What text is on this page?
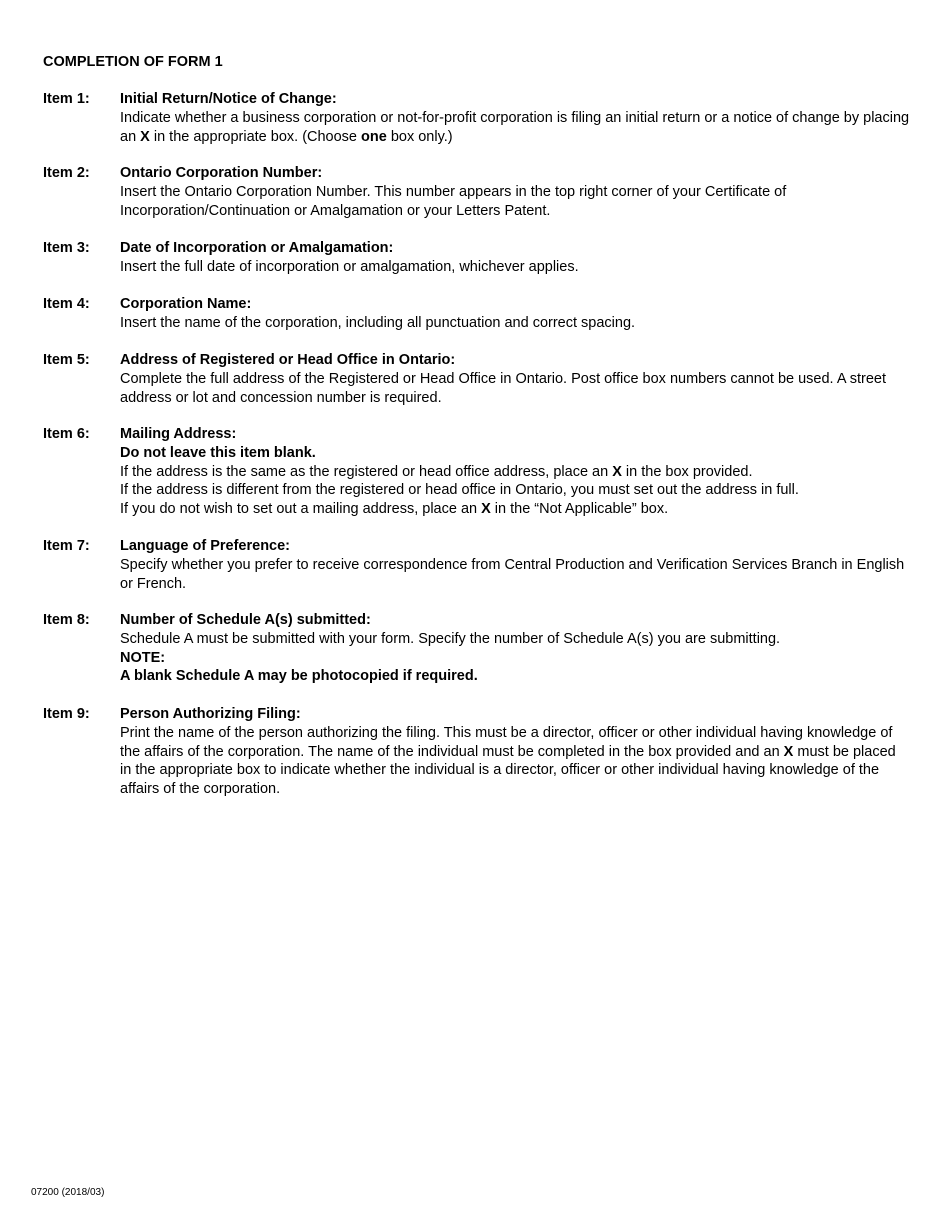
COMPLETION OF FORM 1
Item 1: Initial Return/Notice of Change:

Indicate whether a business corporation or not-for-profit corporation is filing an initial return or a notice of change by placing an X in the appropriate box. (Choose one box only.)

Item 2: Ontario Corporation Number:

Insert the Ontario Corporation Number. This number appears in the top right corner of your Certificate of Incorporation/Continuation or Amalgamation or your Letters Patent.

Item 3: Date of Incorporation or Amalgamation:

Insert the full date of incorporation or amalgamation, whichever applies.

Item 4: Corporation Name:

Insert the name of the corporation, including all punctuation and correct spacing.

Item 5: Address of Registered or Head Office in Ontario:

Complete the full address of the Registered or Head Office in Ontario. Post office box numbers cannot be used. A street address or lot and concession number is required.

Item 6: Mailing Address:

Do not leave this item blank.

If the address is the same as the registered or head office address, place an X in the box provided.

If the address is different from the registered or head office in Ontario, you must set out the address in full.

If you do not wish to set out a mailing address, place an X in the “Not Applicable” box.

Item 7: Language of Preference:

Specify whether you prefer to receive correspondence from Central Production and Verification Services Branch in English or French.

Item 8: Number of Schedule A(s) submitted:

Schedule A must be submitted with your form. Specify the number of Schedule A(s) you are submitting.

NOTE:

A blank Schedule A may be photocopied if required.

Item 9: Person Authorizing Filing:

Print the name of the person authorizing the filing. This must be a director, officer or other individual having knowledge of the affairs of the corporation. The name of the individual must be completed in the box provided and an X must be placed in the appropriate box to indicate whether the individual is a director, officer or other individual having knowledge of the affairs of the corporation.

07200 (2018/03)
